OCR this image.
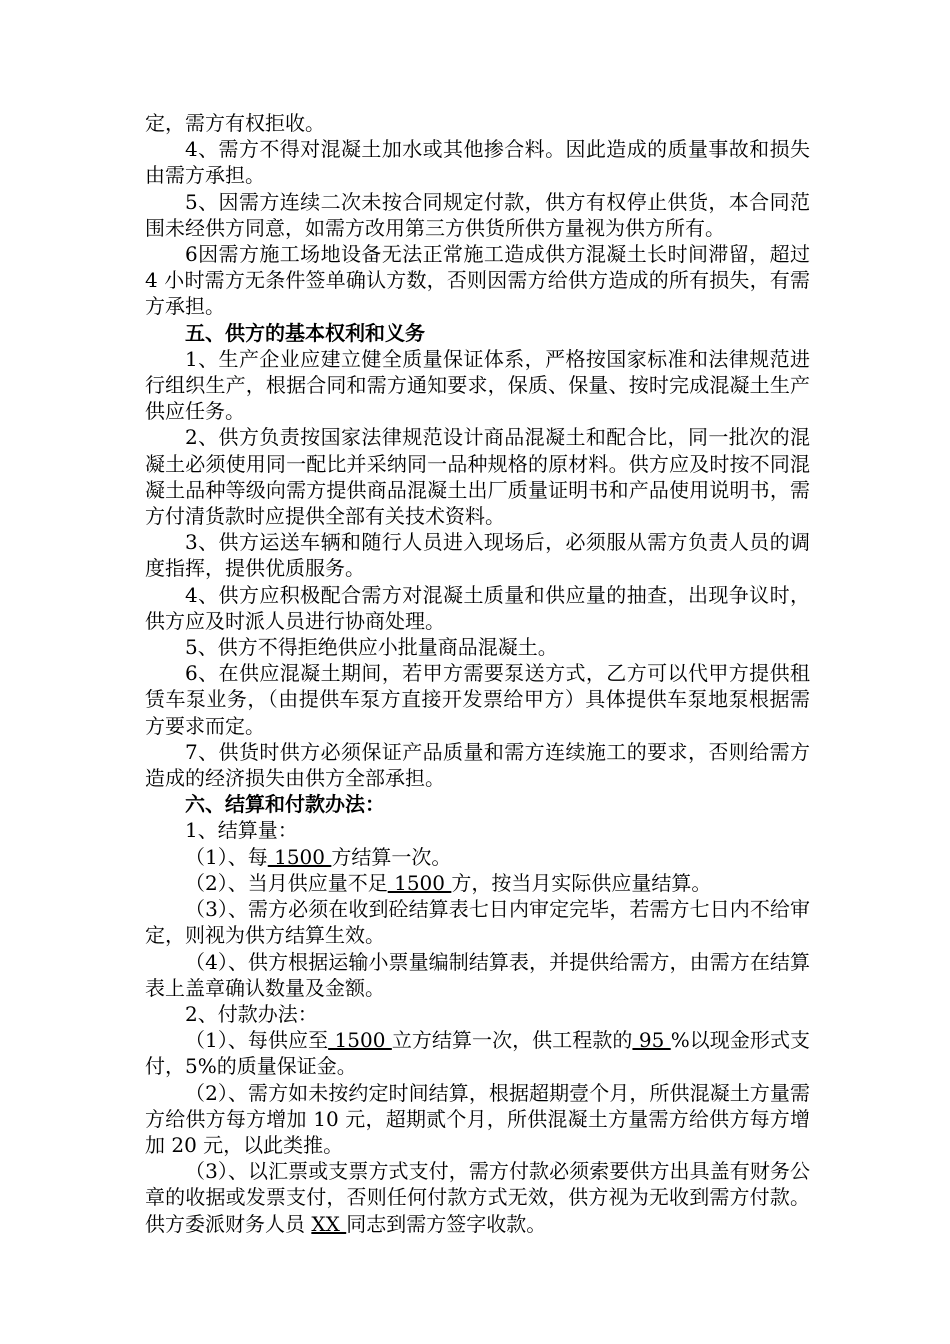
定，需方有权拒收。

4、需方不得对混凝土加水或其他掺合料。因此造成的质量事故和损失由需方承担。

5、因需方连续二次未按合同规定付款，供方有权停止供货，本合同范围未经供方同意，如需方改用第三方供货所供方量视为供方所有。

6因需方施工场地设备无法正常施工造成供方混凝土长时间滞留，超过 4 小时需方无条件签单确认方数，否则因需方给供方造成的所有损失，有需方承担。

五、供方的基本权利和义务

1、生产企业应建立健全质量保证体系，严格按国家标准和法律规范进行组织生产，根据合同和需方通知要求，保质、保量、按时完成混凝土生产供应任务。

2、供方负责按国家法律规范设计商品混凝土和配合比，同一批次的混凝土必须使用同一配比并采纳同一品种规格的原材料。供方应及时按不同混凝土品种等级向需方提供商品混凝土出厂质量证明书和产品使用说明书，需方付清货款时应提供全部有关技术资料。

3、供方运送车辆和随行人员进入现场后，必须服从需方负责人员的调度指挥，提供优质服务。

4、供方应积极配合需方对混凝土质量和供应量的抽查，出现争议时，供方应及时派人员进行协商处理。

5、供方不得拒绝供应小批量商品混凝土。

6、在供应混凝土期间，若甲方需要泵送方式，乙方可以代甲方提供租赁车泵业务，（由提供车泵方直接开发票给甲方）具体提供车泵地泵根据需方要求而定。

7、供货时供方必须保证产品质量和需方连续施工的要求，否则给需方造成的经济损失由供方全部承担。

六、结算和付款办法：

1、结算量：

（1）、每 1500 方结算一次。

（2）、当月供应量不足 1500 方，按当月实际供应量结算。

（3）、需方必须在收到砼结算表七日内审定完毕，若需方七日内不给审定，则视为供方结算生效。

（4）、供方根据运输小票量编制结算表，并提供给需方，由需方在结算表上盖章确认数量及金额。

2、付款办法：

（1）、每供应至 1500 立方结算一次，供工程款的 95 %以现金形式支付，5%的质量保证金。

（2）、需方如未按约定时间结算，根据超期壹个月，所供混凝土方量需方给供方每方增加 10 元，超期贰个月，所供混凝土方量需方给供方每方增加 20 元，以此类推。

（3）、以汇票或支票方式支付，需方付款必须索要供方出具盖有财务公章的收据或发票支付，否则任何付款方式无效，供方视为无收到需方付款。供方委派财务人员 XX 同志到需方签字收款。
